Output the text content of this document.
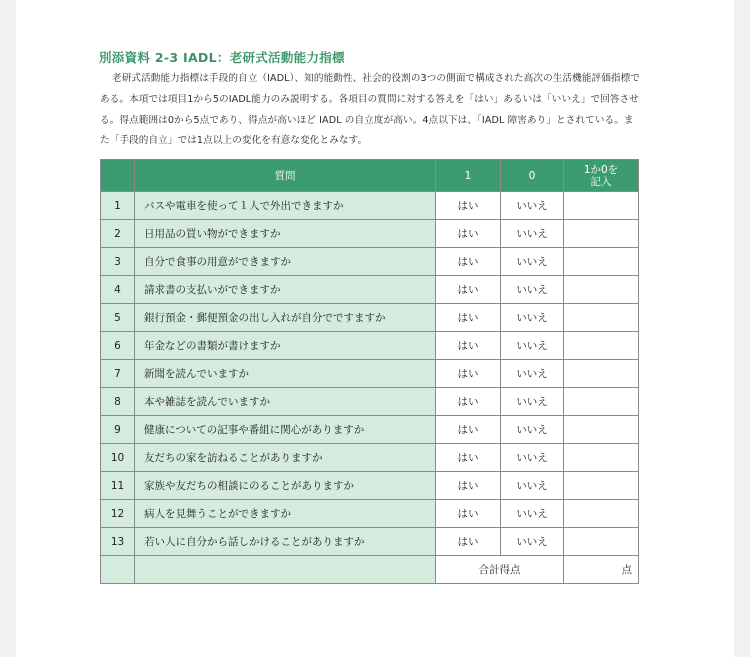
別添資料 2-3 IADL：老研式活動能力指標

老研式活動能力指標は手段的自立（IADL）、知的能動性、社会的役割の3つの側面で構成された高次の生活機能評価指標である。本項では項目1から5のIADL能力のみ説明する。各項目の質問に対する答えを「はい」あるいは「いいえ」で回答させる。得点範囲は0から5点であり、得点が高いほど IADL の自立度が高い。4点以下は、「IADL 障害あり」とされている。また「手段的自立」では1点以上の変化を有意な変化とみなす。

	質問	1	0	1か0を
記入
1	バスや電車を使って１人で外出できますか	はい	いいえ	
2	日用品の買い物ができますか	はい	いいえ	
3	自分で食事の用意ができますか	はい	いいえ	
4	請求書の支払いができますか	はい	いいえ	
5	銀行預金・郵便預金の出し入れが自分でですますか	はい	いいえ	
6	年金などの書類が書けますか	はい	いいえ	
7	新聞を読んでいますか	はい	いいえ	
8	本や雑誌を読んでいますか	はい	いいえ	
9	健康についての記事や番組に関心がありますか	はい	いいえ	
10	友だちの家を訪ねることがありますか	はい	いいえ	
11	家族や友だちの相談にのることがありますか	はい	いいえ	
12	病人を見舞うことができますか	はい	いいえ	
13	若い人に自分から話しかけることがありますか	はい	いいえ	
		合計得点		点
